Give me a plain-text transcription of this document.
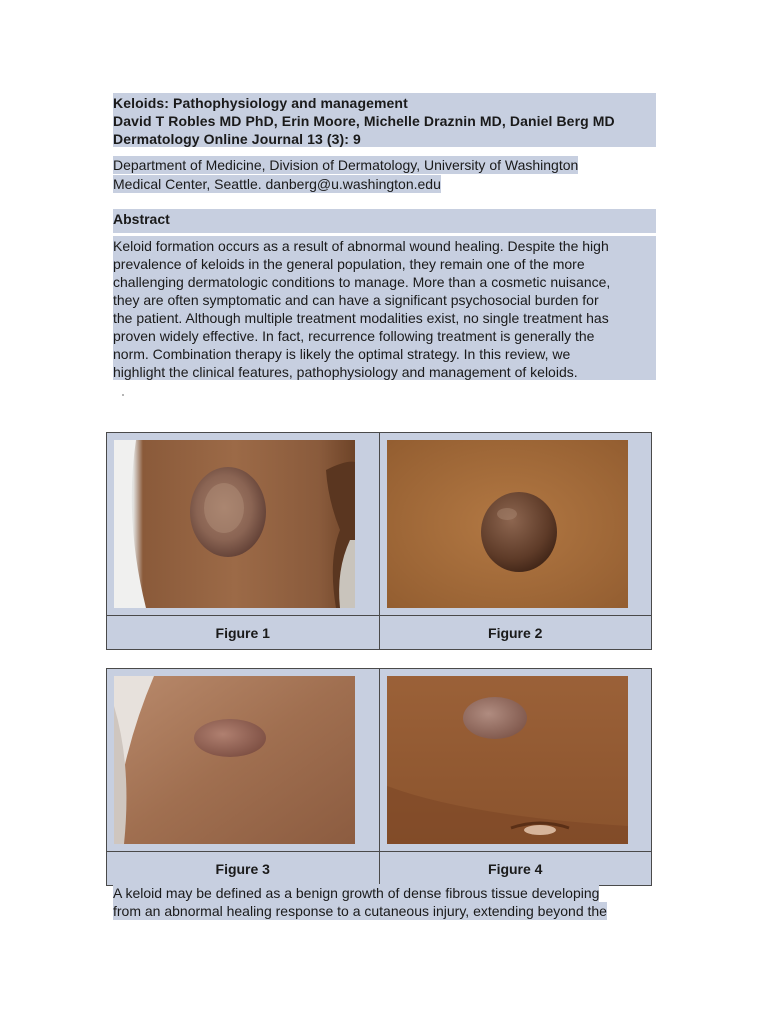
Keloids: Pathophysiology and management
David T Robles MD PhD, Erin Moore, Michelle Draznin MD, Daniel Berg MD
Dermatology Online Journal 13 (3): 9
Department of Medicine, Division of Dermatology, University of Washington
Medical Center, Seattle. danberg@u.washington.edu
Abstract
Keloid formation occurs as a result of abnormal wound healing. Despite the high
prevalence of keloids in the general population, they remain one of the more
challenging dermatologic conditions to manage. More than a cosmetic nuisance,
they are often symptomatic and can have a significant psychosocial burden for
the patient. Although multiple treatment modalities exist, no single treatment has
proven widely effective. In fact, recurrence following treatment is generally the
norm. Combination therapy is likely the optimal strategy. In this review, we
highlight the clinical features, pathophysiology and management of keloids.
Figure 1	Figure 2
Figure 3	Figure 4
A keloid may be defined as a benign growth of dense fibrous tissue developing
from an abnormal healing response to a cutaneous injury, extending beyond the
